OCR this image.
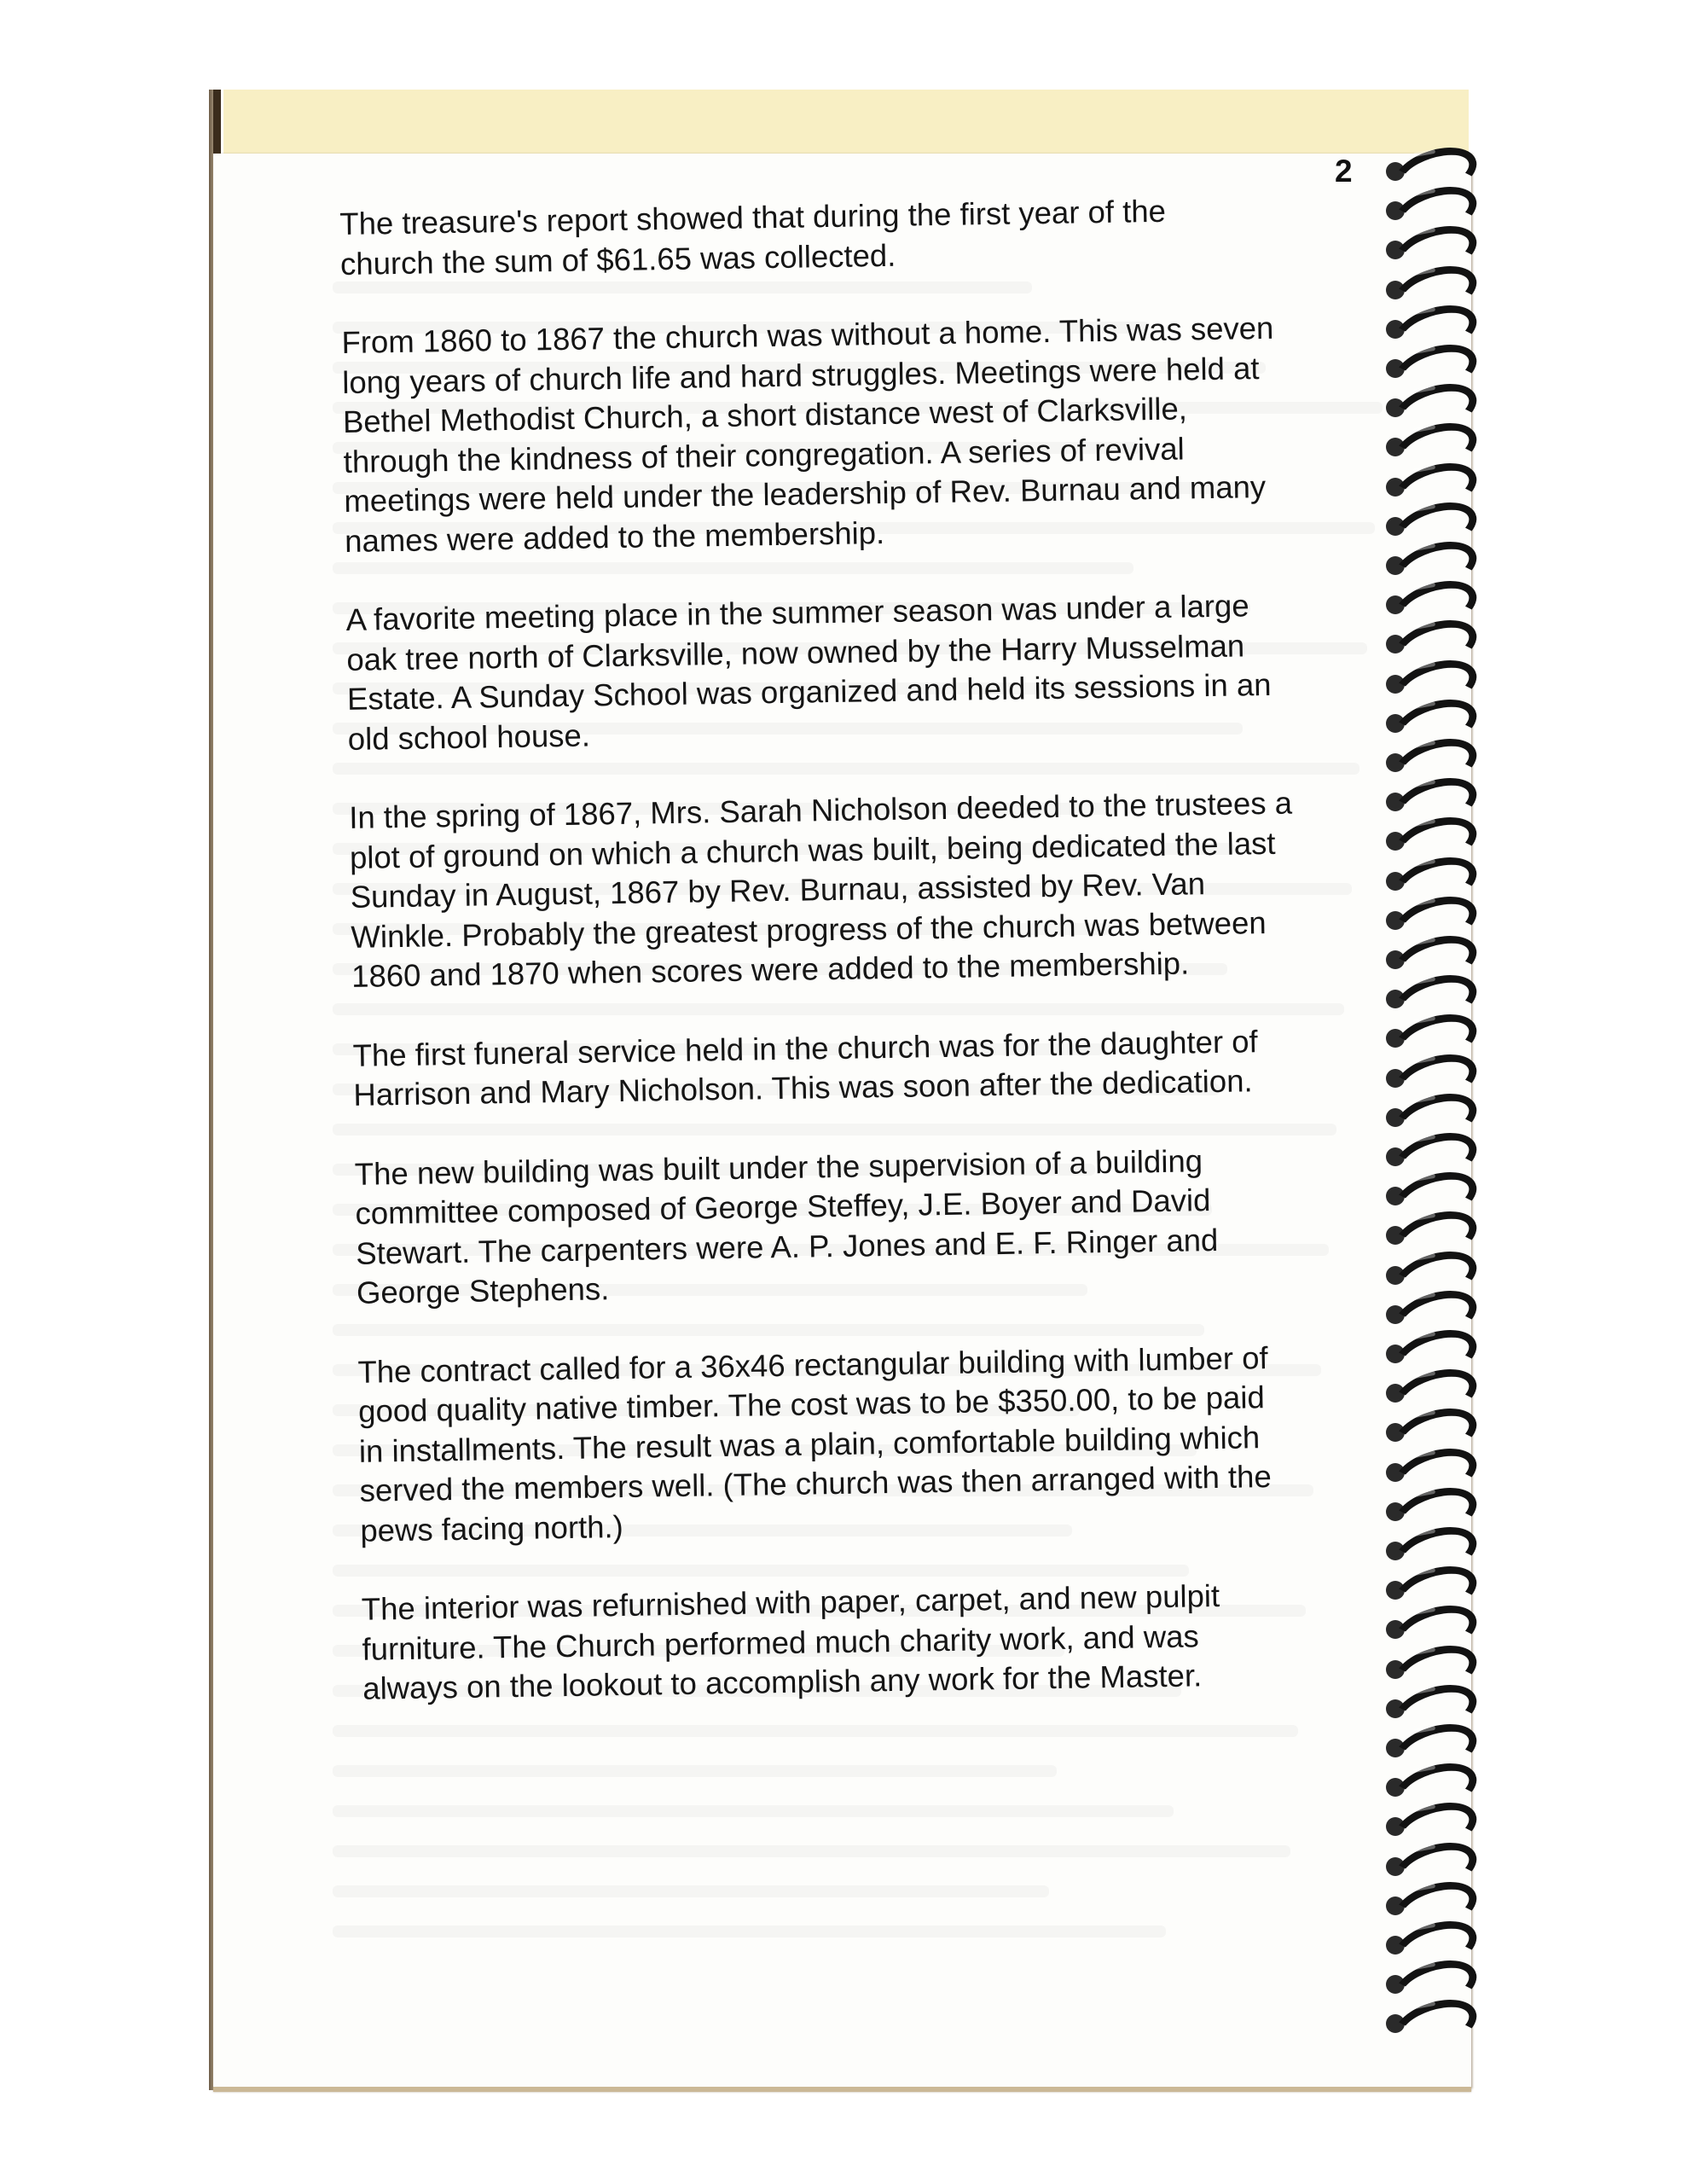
2

The treasure's report showed that during the first year of the
church the sum of $61.65 was collected.

From 1860 to 1867 the church was without a home. This was seven
long years of church life and hard struggles. Meetings were held at
Bethel Methodist Church, a short distance west of Clarksville,
through the kindness of their congregation. A series of revival
meetings were held under the leadership of Rev. Burnau and many
names were added to the membership.

A favorite meeting place in the summer season was under a large
oak tree north of Clarksville, now owned by the Harry Musselman
Estate. A Sunday School was organized and held its sessions in an
old school house.

In the spring of 1867, Mrs. Sarah Nicholson deeded to the trustees a
plot of ground on which a church was built, being dedicated the last
Sunday in August, 1867 by Rev. Burnau, assisted by Rev. Van
Winkle. Probably the greatest progress of the church was between
1860 and 1870 when scores were added to the membership.

The first funeral service held in the church was for the daughter of
Harrison and Mary Nicholson. This was soon after the dedication.

The new building was built under the supervision of a building
committee composed of George Steffey, J.E. Boyer and David
Stewart. The carpenters were A. P. Jones and E. F. Ringer and
George Stephens.

The contract called for a 36x46 rectangular building with lumber of
good quality native timber. The cost was to be $350.00, to be paid
in installments. The result was a plain, comfortable building which
served the members well. (The church was then arranged with the
pews facing north.)

The interior was refurnished with paper, carpet, and new pulpit
furniture. The Church performed much charity work, and was
always on the lookout to accomplish any work for the Master.
